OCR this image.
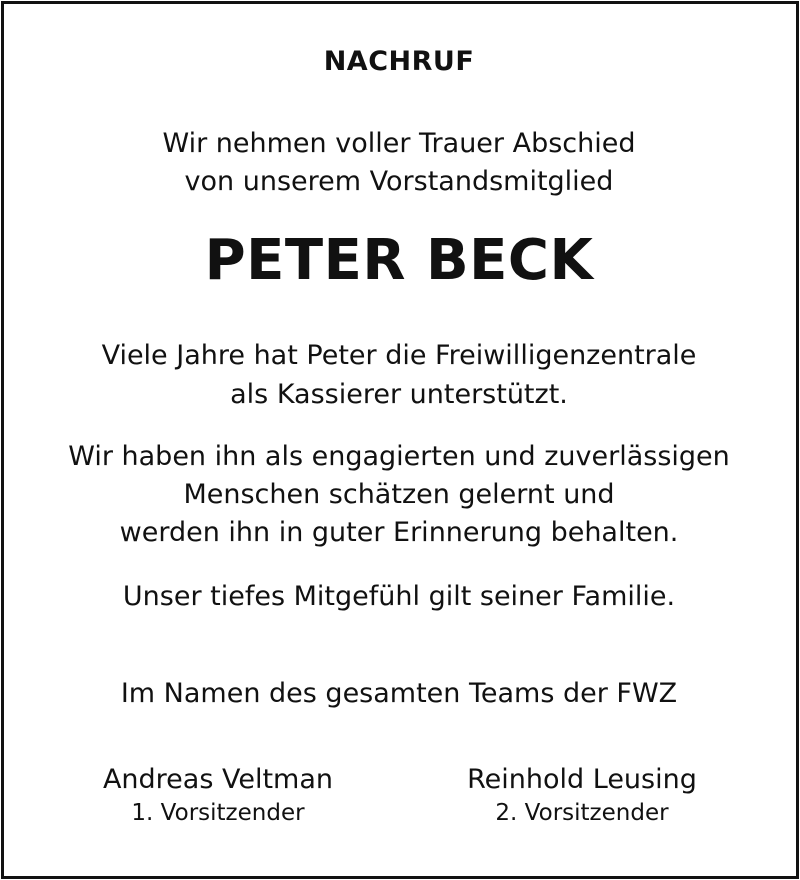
NACHRUF
Wir nehmen voller Trauer Abschied
von unserem Vorstandsmitglied
PETER BECK
Viele Jahre hat Peter die Freiwilligenzentrale
als Kassierer unterstützt.
Wir haben ihn als engagierten und zuverlässigen
Menschen schätzen gelernt und
werden ihn in guter Erinnerung behalten.
Unser tiefes Mitgefühl gilt seiner Familie.
Im Namen des gesamten Teams der FWZ
Andreas Veltman
1. Vorsitzender
Reinhold Leusing
2. Vorsitzender
